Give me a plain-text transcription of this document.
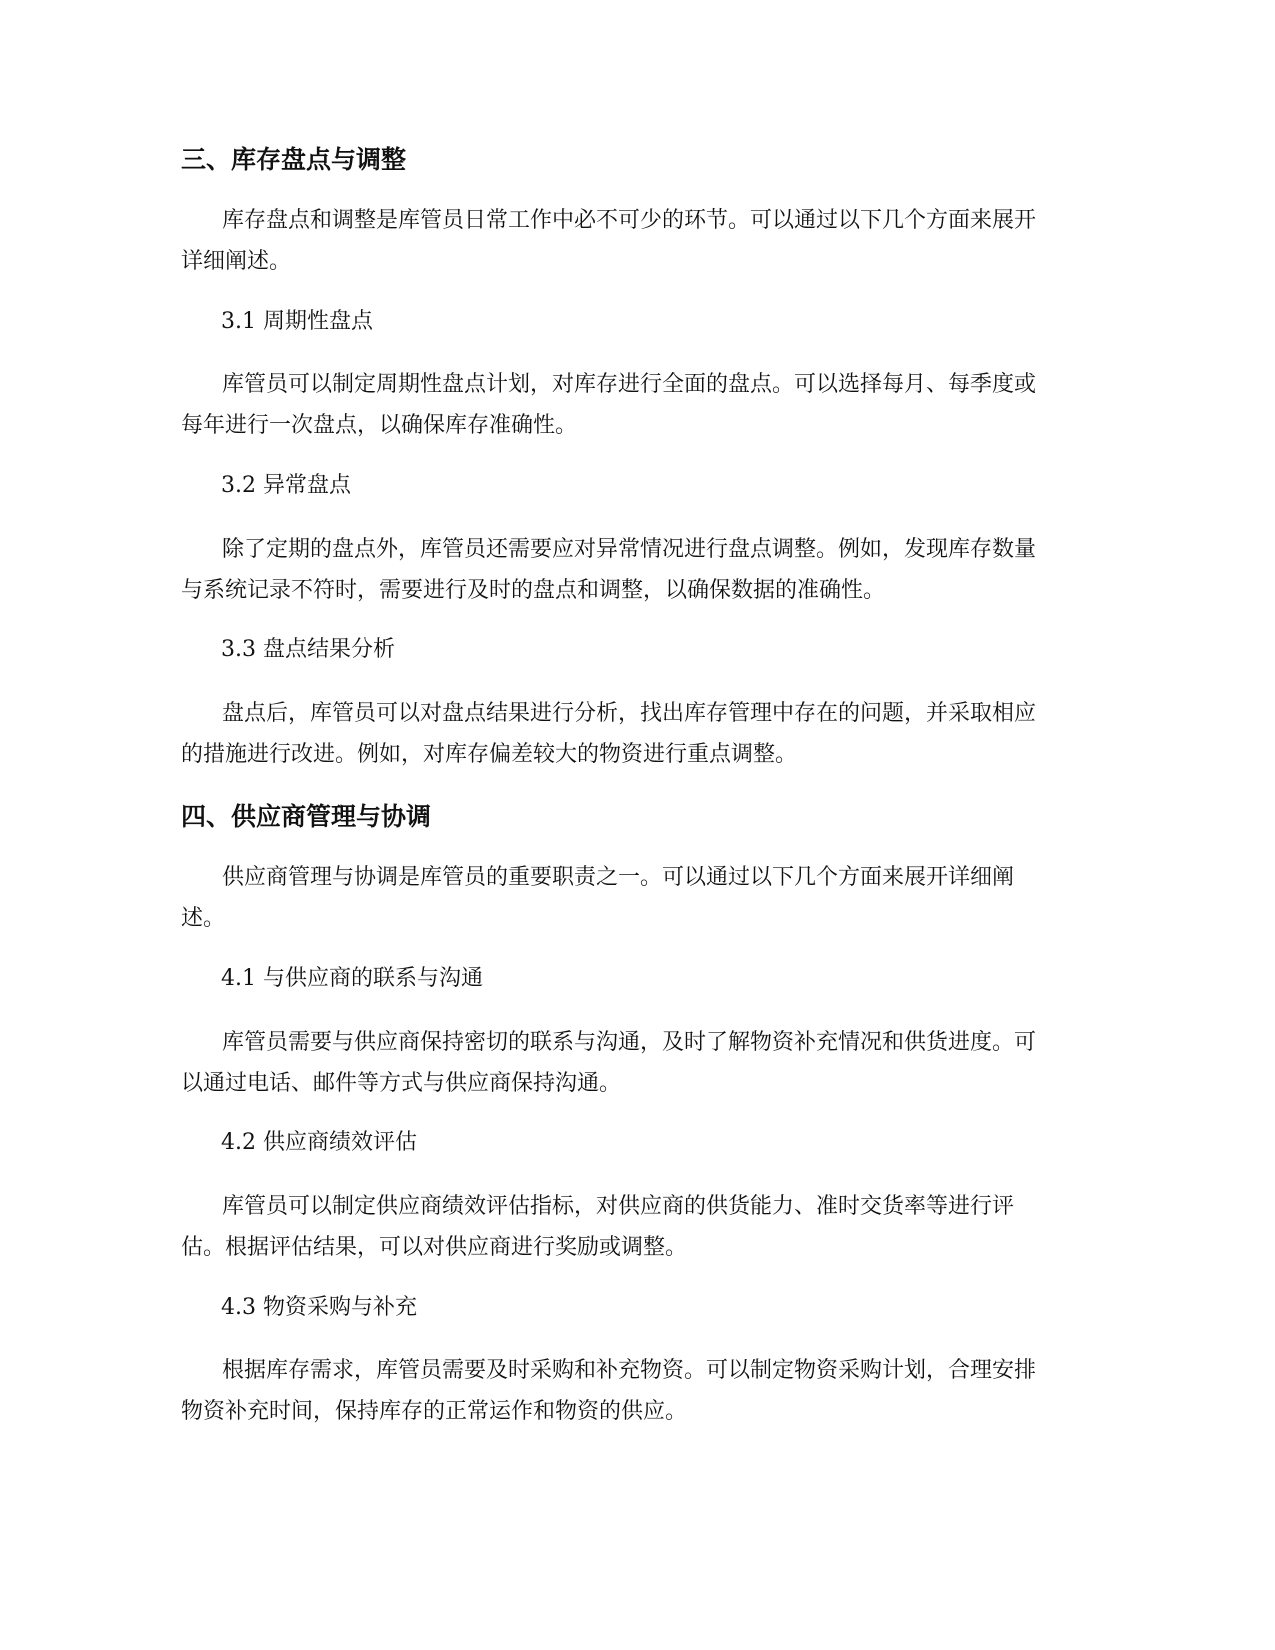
三、库存盘点与调整

库存盘点和调整是库管员日常工作中必不可少的环节。可以通过以下几个方面来展开详细阐述。

3.1 周期性盘点

库管员可以制定周期性盘点计划，对库存进行全面的盘点。可以选择每月、每季度或每年进行一次盘点，以确保库存准确性。

3.2 异常盘点

除了定期的盘点外，库管员还需要应对异常情况进行盘点调整。例如，发现库存数量与系统记录不符时，需要进行及时的盘点和调整，以确保数据的准确性。

3.3 盘点结果分析

盘点后，库管员可以对盘点结果进行分析，找出库存管理中存在的问题，并采取相应的措施进行改进。例如，对库存偏差较大的物资进行重点调整。

四、供应商管理与协调

供应商管理与协调是库管员的重要职责之一。可以通过以下几个方面来展开详细阐述。

4.1 与供应商的联系与沟通

库管员需要与供应商保持密切的联系与沟通，及时了解物资补充情况和供货进度。可以通过电话、邮件等方式与供应商保持沟通。

4.2 供应商绩效评估

库管员可以制定供应商绩效评估指标，对供应商的供货能力、准时交货率等进行评估。根据评估结果，可以对供应商进行奖励或调整。

4.3 物资采购与补充

根据库存需求，库管员需要及时采购和补充物资。可以制定物资采购计划，合理安排物资补充时间，保持库存的正常运作和物资的供应。
